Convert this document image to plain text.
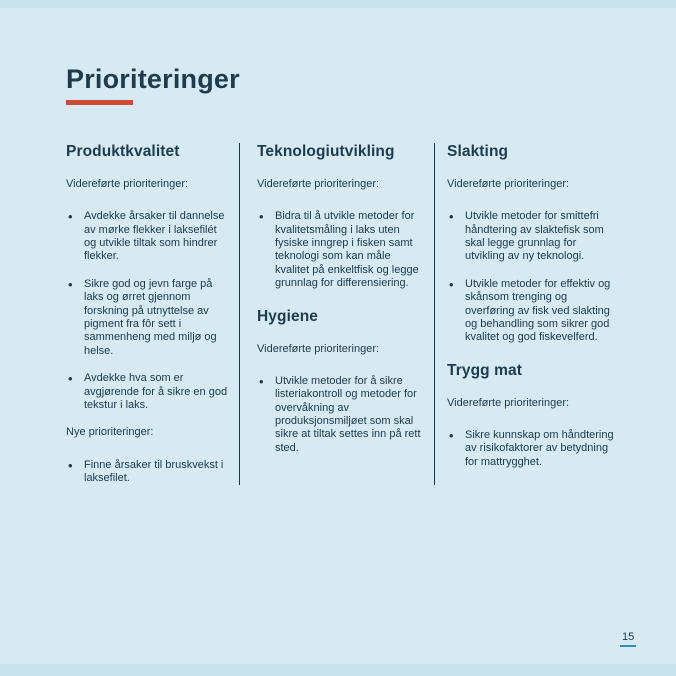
Prioriteringer
Produktkvalitet

Videreførte prioriteringer:

• Avdekke årsaker til dannelse av mørke flekker i laksefilét og utvikle tiltak som hindrer flekker.
• Sikre god og jevn farge på laks og ørret gjennom forskning på utnyttelse av pigment fra fôr sett i sammenheng med miljø og helse.
• Avdekke hva som er avgjørende for å sikre en god tekstur i laks.

Nye prioriteringer:

• Finne årsaker til bruskvekst i laksefilet.
Teknologiutvikling

Videreførte prioriteringer:

• Bidra til å utvikle metoder for kvalitetsmåling i laks uten fysiske inngrep i fisken samt teknologi som kan måle kvalitet på enkeltfisk og legge grunnlag for differensiering.
Hygiene

Videreførte prioriteringer:

• Utvikle metoder for å sikre listeriakontroll og metoder for overvåkning av produksjonsmiljøet som skal sikre at tiltak settes inn på rett sted.
Slakting

Videreførte prioriteringer:

• Utvikle metoder for smittefri håndtering av slaktefisk som skal legge grunnlag for utvikling av ny teknologi.
• Utvikle metoder for effektiv og skånsom trenging og overføring av fisk ved slakting og behandling som sikrer god kvalitet og god fiskevelferd.
Trygg mat

Videreførte prioriteringer:

• Sikre kunnskap om håndtering av risikofaktorer av betydning for mattrygghet.
15
